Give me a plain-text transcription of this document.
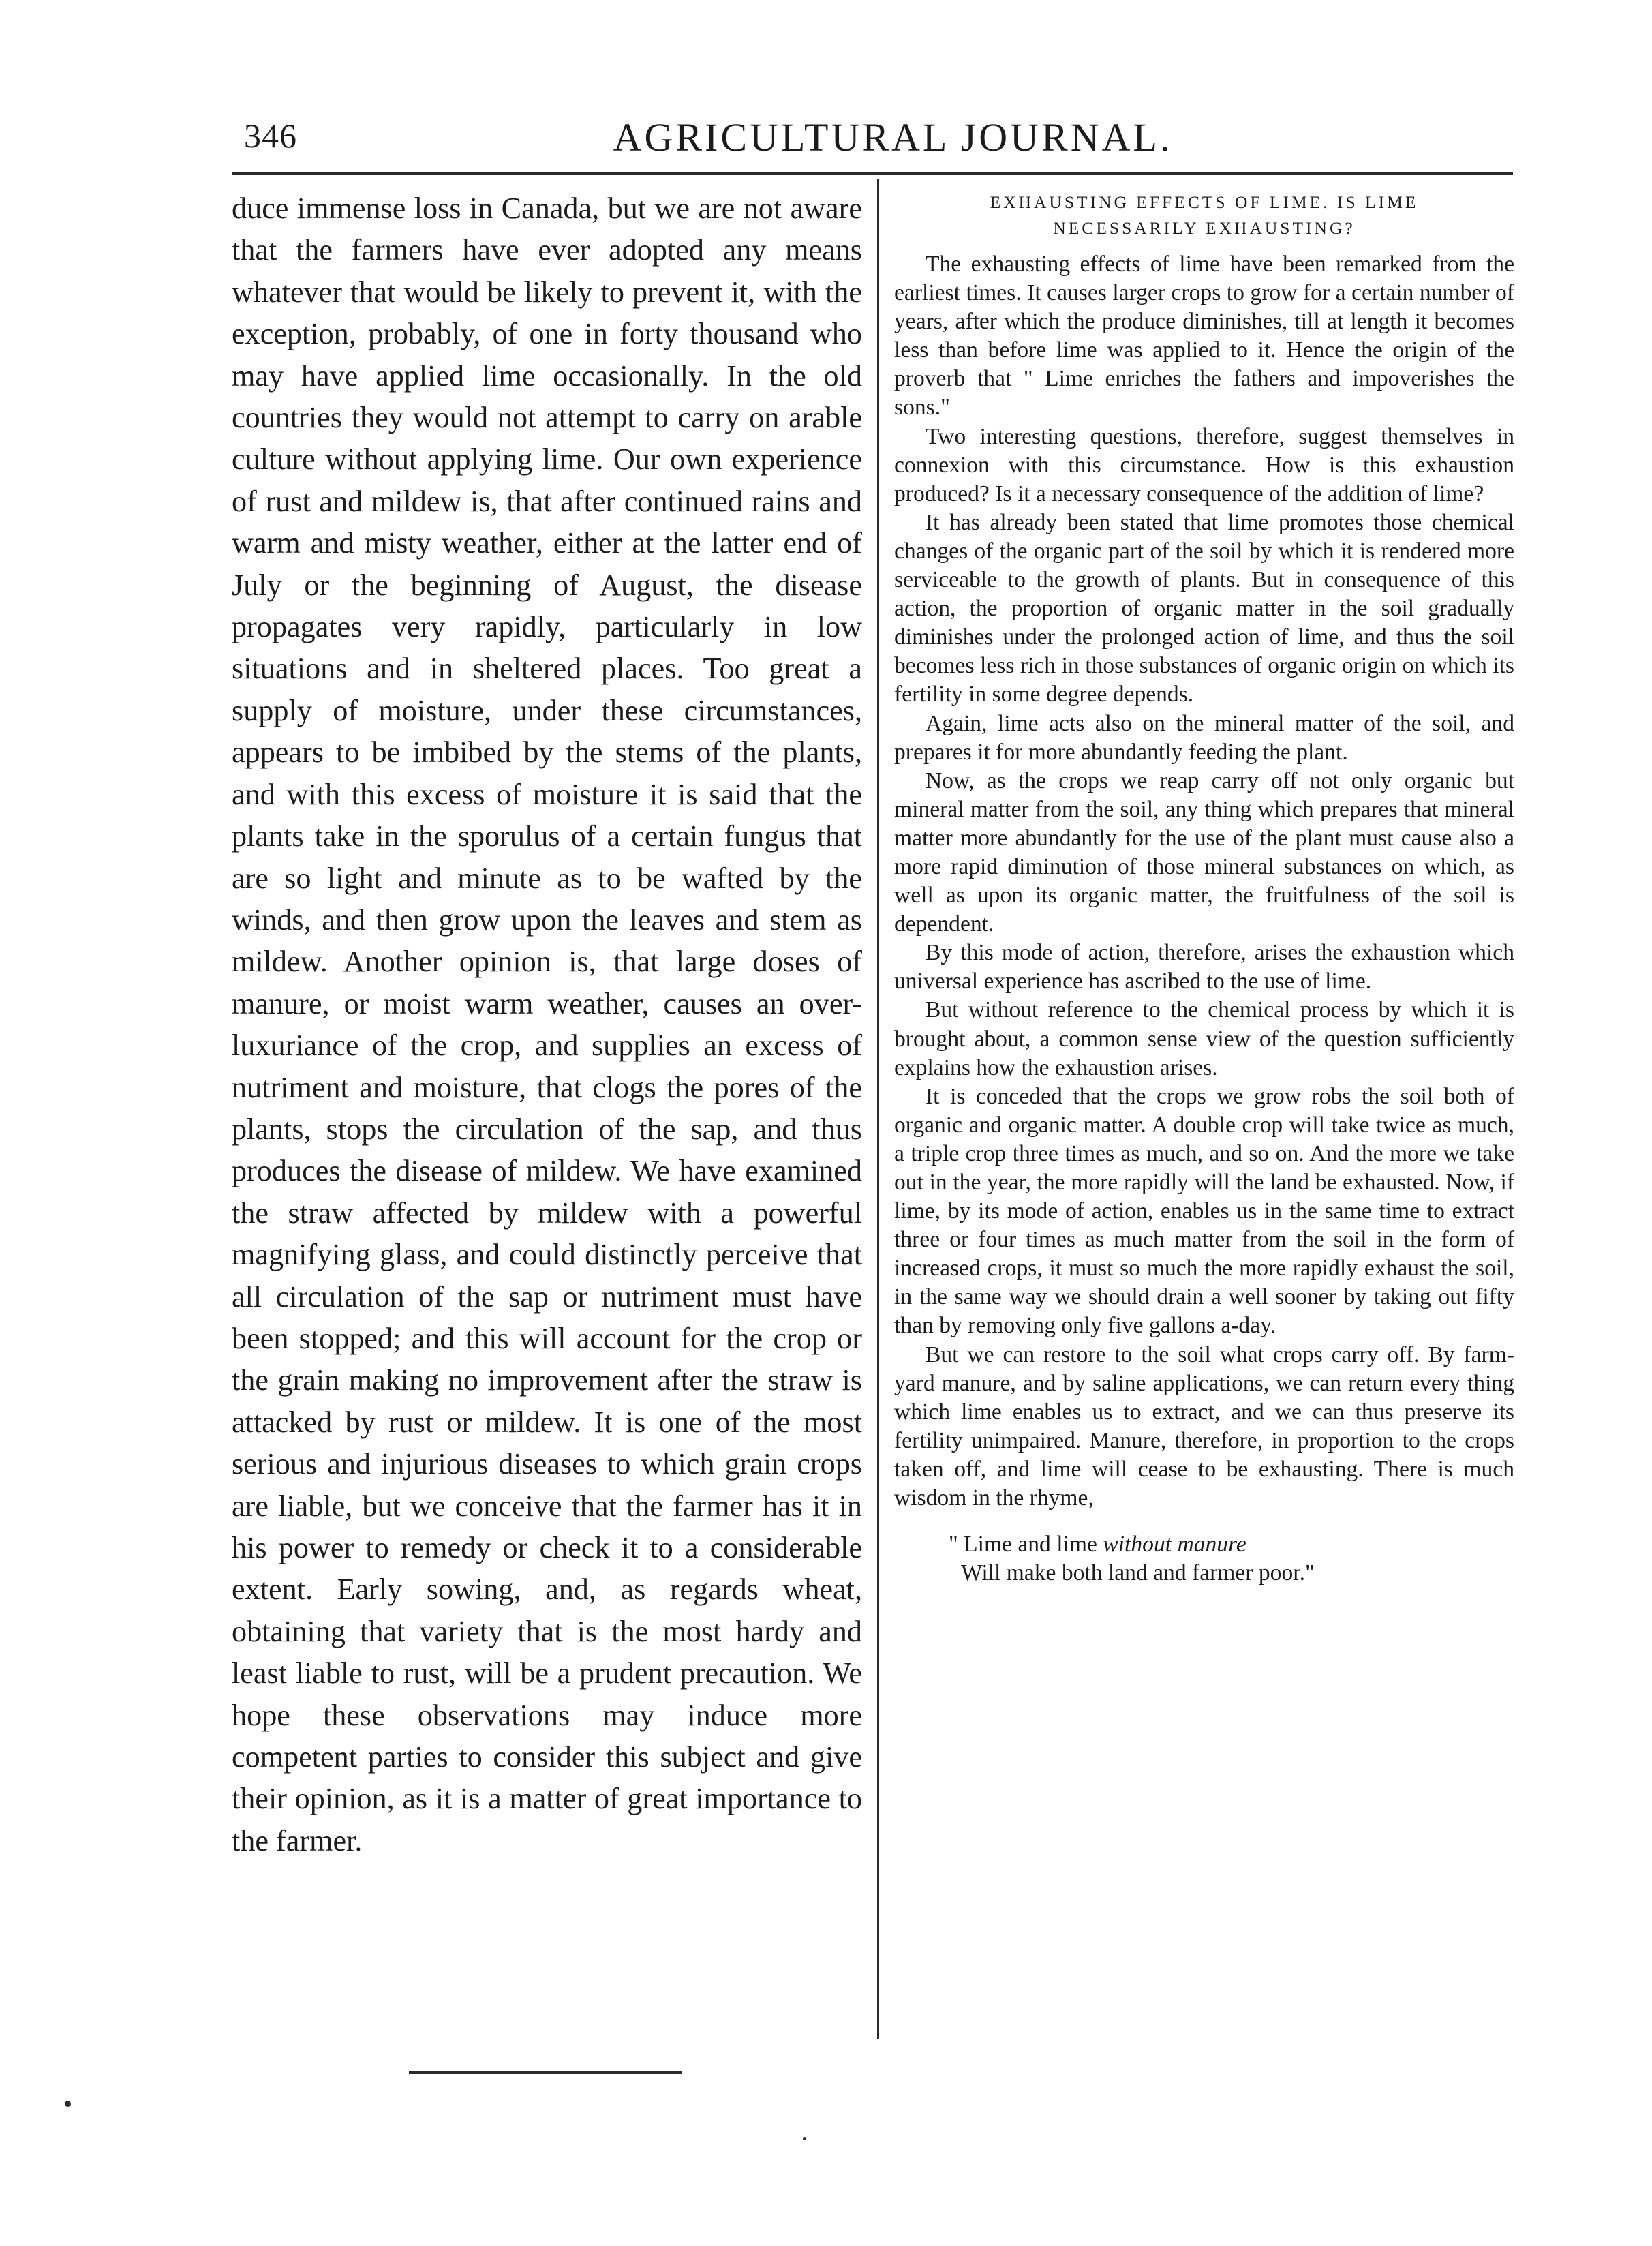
346	AGRICULTURAL JOURNAL.

duce immense loss in Canada, but we are not aware that the farmers have ever adopted any means whatever that would be likely to prevent it, with the exception, probably, of one in forty thousand who may have applied lime occasionally. In the old countries they would not attempt to carry on arable culture without applying lime. Our own experience of rust and mildew is, that after continued rains and warm and misty weather, either at the latter end of July or the beginning of August, the disease propagates very rapidly, particularly in low situations and in sheltered places. Too great a supply of moisture, under these circumstances, appears to be imbibed by the stems of the plants, and with this excess of moisture it is said that the plants take in the sporulus of a certain fungus that are so light and minute as to be wafted by the winds, and then grow upon the leaves and stem as mildew. Another opinion is, that large doses of manure, or moist warm weather, causes an over-luxuriance of the crop, and supplies an excess of nutriment and moisture, that clogs the pores of the plants, stops the circulation of the sap, and thus produces the disease of mildew. We have examined the straw affected by mildew with a powerful magnifying glass, and could distinctly perceive that all circulation of the sap or nutriment must have been stopped; and this will account for the crop or the grain making no improvement after the straw is attacked by rust or mildew. It is one of the most serious and injurious diseases to which grain crops are liable, but we conceive that the farmer has it in his power to remedy or check it to a considerable extent. Early sowing, and, as regards wheat, obtaining that variety that is the most hardy and least liable to rust, will be a prudent precaution. We hope these observations may induce more competent parties to consider this subject and give their opinion, as it is a matter of great importance to the farmer.

EXHAUSTING EFFECTS OF LIME. IS LIME
NECESSARILY EXHAUSTING?

The exhausting effects of lime have been remarked from the earliest times. It causes larger crops to grow for a certain number of years, after which the produce diminishes, till at length it becomes less than before lime was applied to it. Hence the origin of the proverb that " Lime enriches the fathers and impoverishes the sons."

Two interesting questions, therefore, suggest themselves in connexion with this circumstance. How is this exhaustion produced? Is it a necessary consequence of the addition of lime?

It has already been stated that lime promotes those chemical changes of the organic part of the soil by which it is rendered more serviceable to the growth of plants. But in consequence of this action, the proportion of organic matter in the soil gradually diminishes under the prolonged action of lime, and thus the soil becomes less rich in those substances of organic origin on which its fertility in some degree depends.

Again, lime acts also on the mineral matter of the soil, and prepares it for more abundantly feeding the plant.

Now, as the crops we reap carry off not only organic but mineral matter from the soil, any thing which prepares that mineral matter more abundantly for the use of the plant must cause also a more rapid diminution of those mineral substances on which, as well as upon its organic matter, the fruitfulness of the soil is dependent.

By this mode of action, therefore, arises the exhaustion which universal experience has ascribed to the use of lime.

But without reference to the chemical process by which it is brought about, a common sense view of the question sufficiently explains how the exhaustion arises.

It is conceded that the crops we grow robs the soil both of organic and organic matter. A double crop will take twice as much, a triple crop three times as much, and so on. And the more we take out in the year, the more rapidly will the land be exhausted. Now, if lime, by its mode of action, enables us in the same time to extract three or four times as much matter from the soil in the form of increased crops, it must so much the more rapidly exhaust the soil, in the same way we should drain a well sooner by taking out fifty than by removing only five gallons a-day.

But we can restore to the soil what crops carry off. By farm-yard manure, and by saline applications, we can return every thing which lime enables us to extract, and we can thus preserve its fertility unimpaired. Manure, therefore, in proportion to the crops taken off, and lime will cease to be exhausting. There is much wisdom in the rhyme,

" Lime and lime without manure
Will make both land and farmer poor."
